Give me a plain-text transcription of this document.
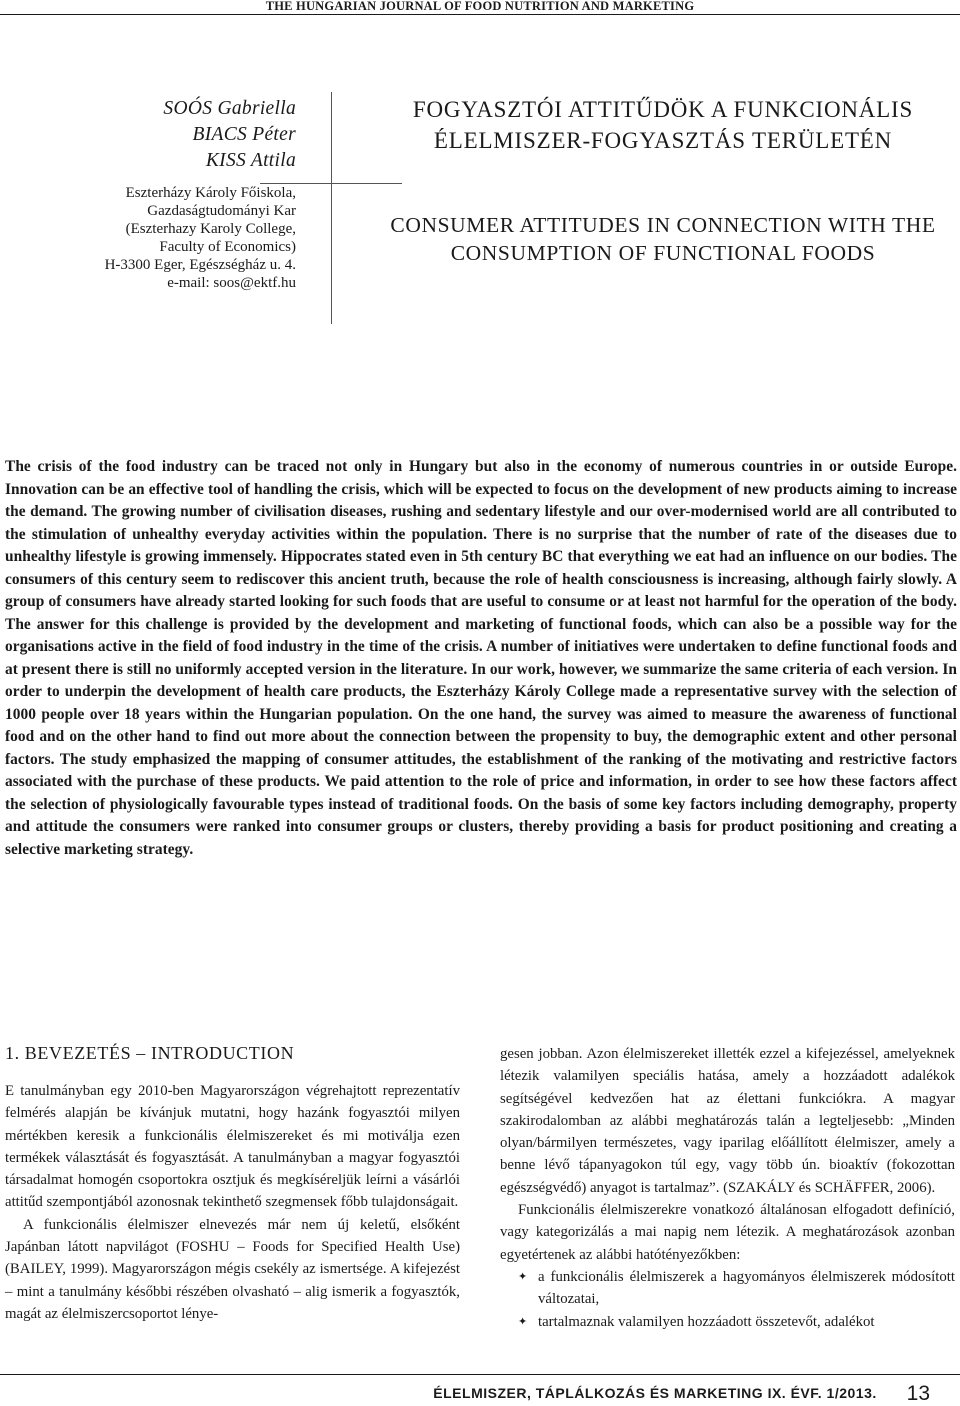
THE HUNGARIAN JOURNAL OF FOOD NUTRITION AND MARKETING
SOÓS Gabriella
BIACS Péter
KISS Attila
Eszterházy Károly Főiskola,
Gazdaságtudományi Kar
(Eszterhazy Karoly College,
Faculty of Economics)
H-3300 Eger, Egészségház u. 4.
e-mail: soos@ektf.hu
FOGYASZTÓI ATTITŰDÖK A FUNKCIONÁLIS
ÉLELMISZER-FOGYASZTÁS TERÜLETÉN
CONSUMER ATTITUDES IN CONNECTION WITH THE
CONSUMPTION OF FUNCTIONAL FOODS
The crisis of the food industry can be traced not only in Hungary but also in the economy of numerous countries in or outside Europe. Innovation can be an effective tool of handling the crisis, which will be expected to focus on the development of new products aiming to increase the demand. The growing number of civilisation diseases, rushing and sedentary lifestyle and our over-modernised world are all contributed to the stimulation of unhealthy everyday activities within the population. There is no surprise that the number of rate of the diseases due to unhealthy lifestyle is growing immensely. Hippocrates stated even in 5th century BC that everything we eat had an influence on our bodies. The consumers of this century seem to rediscover this ancient truth, because the role of health consciousness is increasing, although fairly slowly. A group of consumers have already started looking for such foods that are useful to consume or at least not harmful for the operation of the body. The answer for this challenge is provided by the development and marketing of functional foods, which can also be a possible way for the organisations active in the field of food industry in the time of the crisis. A number of initiatives were undertaken to define functional foods and at present there is still no uniformly accepted version in the literature. In our work, however, we summarize the same criteria of each version. In order to underpin the development of health care products, the Eszterházy Károly College made a representative survey with the selection of 1000 people over 18 years within the Hungarian population. On the one hand, the survey was aimed to measure the awareness of functional food and on the other hand to find out more about the connection between the propensity to buy, the demographic extent and other personal factors. The study emphasized the mapping of consumer attitudes, the establishment of the ranking of the motivating and restrictive factors associated with the purchase of these products. We paid attention to the role of price and information, in order to see how these factors affect the selection of physiologically favourable types instead of traditional foods. On the basis of some key factors including demography, property and attitude the consumers were ranked into consumer groups or clusters, thereby providing a basis for product positioning and creating a selective marketing strategy.
1. BEVEZETÉS – INTRODUCTION

E tanulmányban egy 2010-ben Magyarországon végrehajtott reprezentatív felmérés alapján be kívánjuk mutatni, hogy hazánk fogyasztói milyen mértékben keresik a funkcionális élelmiszereket és mi motiválja ezen termékek választását és fogyasztását. A tanulmányban a magyar fogyasztói társadalmat homogén csoportokra osztjuk és megkíséreljük leírni a vásárlói attitűd szempontjából azonosnak tekinthető szegmensek főbb tulajdonságait.

A funkcionális élelmiszer elnevezés már nem új keletű, elsőként Japánban látott napvilágot (FOSHU – Foods for Specified Health Use) (BAILEY, 1999). Magyarországon mégis csekély az ismertsége. A kifejezést – mint a tanulmány későbbi részében olvasható – alig ismerik a fogyasztók, magát az élelmiszercsoportot lénye-

gesen jobban. Azon élelmiszereket illették ezzel a kifejezéssel, amelyeknek létezik valamilyen speciális hatása, amely a hozzáadott adalékok segítségével kedvezően hat az élettani funkciókra. A magyar szakirodalomban az alábbi meghatározás talán a legteljesebb: „Minden olyan/bármilyen természetes, vagy iparilag előállított élelmiszer, amely a benne lévő tápanyagokon túl egy, vagy több ún. bioaktív (fokozottan egészségvédő) anyagot is tartalmaz”. (SZAKÁLY és SCHÄFFER, 2006).

Funkcionális élelmiszerekre vonatkozó általánosan elfogadott definíció, vagy kategorizálás a mai napig nem létezik. A meghatározások azonban egyetértenek az alábbi hatótényezőkben:

✦ a funkcionális élelmiszerek a hagyományos élelmiszerek módosított változatai,
✦ tartalmaznak valamilyen hozzáadott összetevőt, adalékot
ÉLELMISZER, TÁPLÁLKOZÁS ÉS MARKETING IX. ÉVF. 1/2013. 13
